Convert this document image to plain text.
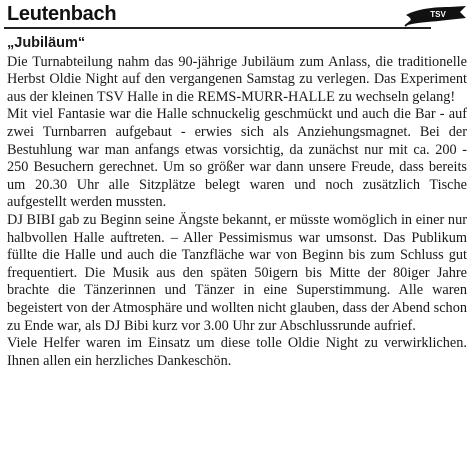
Leutenbach	TSV
„Jubiläum“

Die Turnabteilung nahm das 90-jährige Jubiläum zum Anlass, die traditionelle Herbst Oldie Night auf den vergangenen Samstag zu verlegen. Das Experiment aus der kleinen TSV Halle in die REMS-MURR-HALLE zu wechseln gelang!

Mit viel Fantasie war die Halle schnuckelig geschmückt und auch die Bar - auf zwei Turnbarren aufgebaut - erwies sich als Anziehungsmagnet. Bei der Bestuhlung war man anfangs etwas vorsichtig, da zunächst nur mit ca. 200 - 250 Besuchern gerechnet. Um so größer war dann unsere Freude, dass bereits um 20.30 Uhr alle Sitzplätze belegt waren und noch zusätzlich Tische aufgestellt werden mussten.

DJ BIBI gab zu Beginn seine Ängste bekannt, er müsste womöglich in einer nur halbvollen Halle auftreten. – Aller Pessimismus war umsonst. Das Publikum füllte die Halle und auch die Tanzfläche war von Beginn bis zum Schluss gut frequentiert. Die Musik aus den späten 50igern bis Mitte der 80iger Jahre brachte die Tänzerinnen und Tänzer in eine Superstimmung. Alle waren begeistert von der Atmosphäre und wollten nicht glauben, dass der Abend schon zu Ende war, als DJ Bibi kurz vor 3.00 Uhr zur Abschlussrunde aufrief.

Viele Helfer waren im Einsatz um diese tolle Oldie Night zu verwirklichen. Ihnen allen ein herzliches Dankeschön.
